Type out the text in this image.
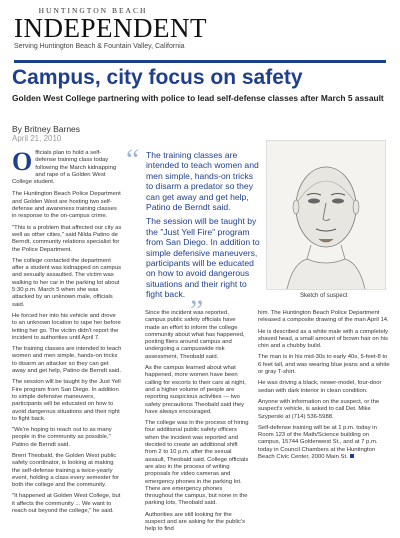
HUNTINGTON BEACH
INDEPENDENT
Serving Huntington Beach & Fountain Valley, California
Campus, city focus on safety
Golden West College partnering with police to lead self-defense classes after March 5 assault
By Britney Barnes
April 21, 2010
Officials plan to hold a self-defense training class today following the March kidnapping and rape of a Golden West College student.

The Huntington Beach Police Department and Golden West are hosting two self-defense and awareness training classes in response to the on-campus crime.

"This is a problem that affected our city as well as other cities," said Nilda Patino de Berndt, community relations specialist for the Police Department.

The college contacted the department after a student was kidnapped on campus and sexually assaulted. The victim was walking to her car in the parking lot about 5:30 p.m. March 5 when she was attacked by an unknown male, officials said.

He forced her into his vehicle and drove to an unknown location to rape her before letting her go. The victim didn't report the incident to authorities until April 7.

The training classes are intended to teach women and men simple, hands-on tricks to disarm an attacker so they can get away and get help, Patino de Berndt said.

The session will be taught by the Just Yell Fire program from San Diego. In addition to simple defensive maneuvers, participants will be educated on how to avoid dangerous situations and their right to fight back.

"We're hoping to reach out to as many people in the community as possible," Patino de Berndt said.

Brent Theobald, the Golden West public safety coordinator, is looking at making the self-defense training a twice-yearly event, holding a class every semester for both the college and the community.

"It happened at Golden West College, but it affects the community ... We want to reach out beyond the college," he said.

“ The training classes are intended to teach women and men simple, hands-on tricks to disarm a predator so they can get away and get help, Patino de Berndt said.

The session will be taught by the "Just Yell Fire" program from San Diego. In addition to simple defensive maneuvers, participants will be educated on how to avoid dangerous situations and their right to fight back. ”	Sketch of suspect

Since the incident was reported, campus public safety officials have made an effort to inform the college community about what has happened, posting fliers around campus and undergoing a campuswide risk assessment, Theobald said.

As the campus learned about what happened, more women have been calling for escorts to their cars at night, and a higher volume of people are reporting suspicious activities — two safety precautions Theobald said they have always encouraged.

The college was in the process of hiring four additional public safety officers when the incident was reported and decided to create an additional shift from 2 to 10 p.m. after the sexual assault, Theobald said. College officials are also in the process of writing proposals for video cameras and emergency phones in the parking lot. There are emergency phones throughout the campus, but none in the parking lots, Theobald said.

Authorities are still looking for the suspect and are asking for the public's help to find

him. The Huntington Beach Police Department released a composite drawing of the man April 14.

He is described as a white male with a completely shaved head, a small amount of brown hair on his chin and a chubby build.

The man is in his mid-30s to early 40s, 5-feet-8 to 6 feet tall, and was wearing blue jeans and a white or gray T-shirt.

He was driving a black, newer-model, four-door sedan with dark interior in clean condition.

Anyone with information on the suspect, or the suspect's vehicle, is asked to call Det. Mike Szyperski at (714) 536-5988.

Self-defense training will be at 1 p.m. today in Room 123 of the Math/Science building on campus, 15744 Goldenwest St., and at 7 p.m. today in Council Chambers at the Huntington Beach Civic Center, 2000 Main St.
